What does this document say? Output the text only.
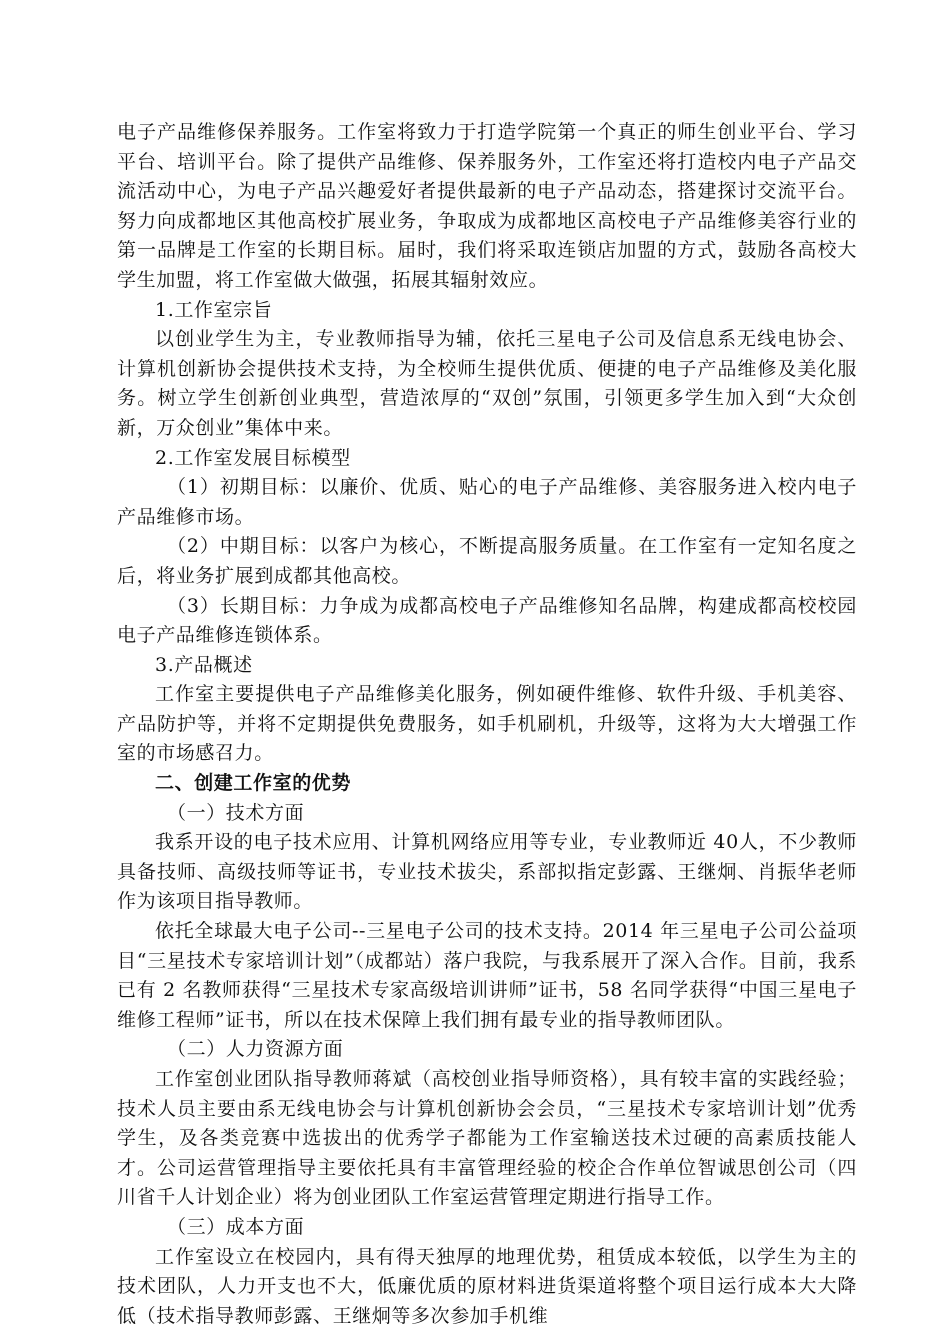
电子产品维修保养服务。工作室将致力于打造学院第一个真正的师生创业平台、学习平台、培训平台。除了提供产品维修、保养服务外，工作室还将打造校内电子产品交流活动中心，为电子产品兴趣爱好者提供最新的电子产品动态，搭建探讨交流平台。努力向成都地区其他高校扩展业务，争取成为成都地区高校电子产品维修美容行业的第一品牌是工作室的长期目标。届时，我们将采取连锁店加盟的方式，鼓励各高校大学生加盟，将工作室做大做强，拓展其辐射效应。

1.工作室宗旨

以创业学生为主，专业教师指导为辅，依托三星电子公司及信息系无线电协会、计算机创新协会提供技术支持，为全校师生提供优质、便捷的电子产品维修及美化服务。树立学生创新创业典型，营造浓厚的“双创”氛围，引领更多学生加入到“大众创新，万众创业”集体中来。

2.工作室发展目标模型

（1）初期目标：以廉价、优质、贴心的电子产品维修、美容服务进入校内电子产品维修市场。

（2）中期目标：以客户为核心，不断提高服务质量。在工作室有一定知名度之后，将业务扩展到成都其他高校。

（3）长期目标：力争成为成都高校电子产品维修知名品牌，构建成都高校校园电子产品维修连锁体系。

3.产品概述

工作室主要提供电子产品维修美化服务，例如硬件维修、软件升级、手机美容、产品防护等，并将不定期提供免费服务，如手机刷机，升级等，这将为大大增强工作室的市场感召力。

二、创建工作室的优势

（一）技术方面

我系开设的电子技术应用、计算机网络应用等专业，专业教师近 40人，不少教师具备技师、高级技师等证书，专业技术拔尖，系部拟指定彭露、王继炯、肖振华老师作为该项目指导教师。

依托全球最大电子公司--三星电子公司的技术支持。2014 年三星电子公司公益项目“三星技术专家培训计划”（成都站）落户我院，与我系展开了深入合作。目前，我系已有 2 名教师获得“三星技术专家高级培训讲师”证书，58 名同学获得“中国三星电子维修工程师”证书，所以在技术保障上我们拥有最专业的指导教师团队。

（二）人力资源方面

工作室创业团队指导教师蒋斌（高校创业指导师资格），具有较丰富的实践经验；技术人员主要由系无线电协会与计算机创新协会会员，“三星技术专家培训计划”优秀学生，及各类竞赛中选拔出的优秀学子都能为工作室输送技术过硬的高素质技能人才。公司运营管理指导主要依托具有丰富管理经验的校企合作单位智诚思创公司（四川省千人计划企业）将为创业团队工作室运营管理定期进行指导工作。

（三）成本方面

工作室设立在校园内，具有得天独厚的地理优势，租赁成本较低，以学生为主的技术团队，人力开支也不大，低廉优质的原材料进货渠道将整个项目运行成本大大降低（技术指导教师彭露、王继炯等多次参加手机维
